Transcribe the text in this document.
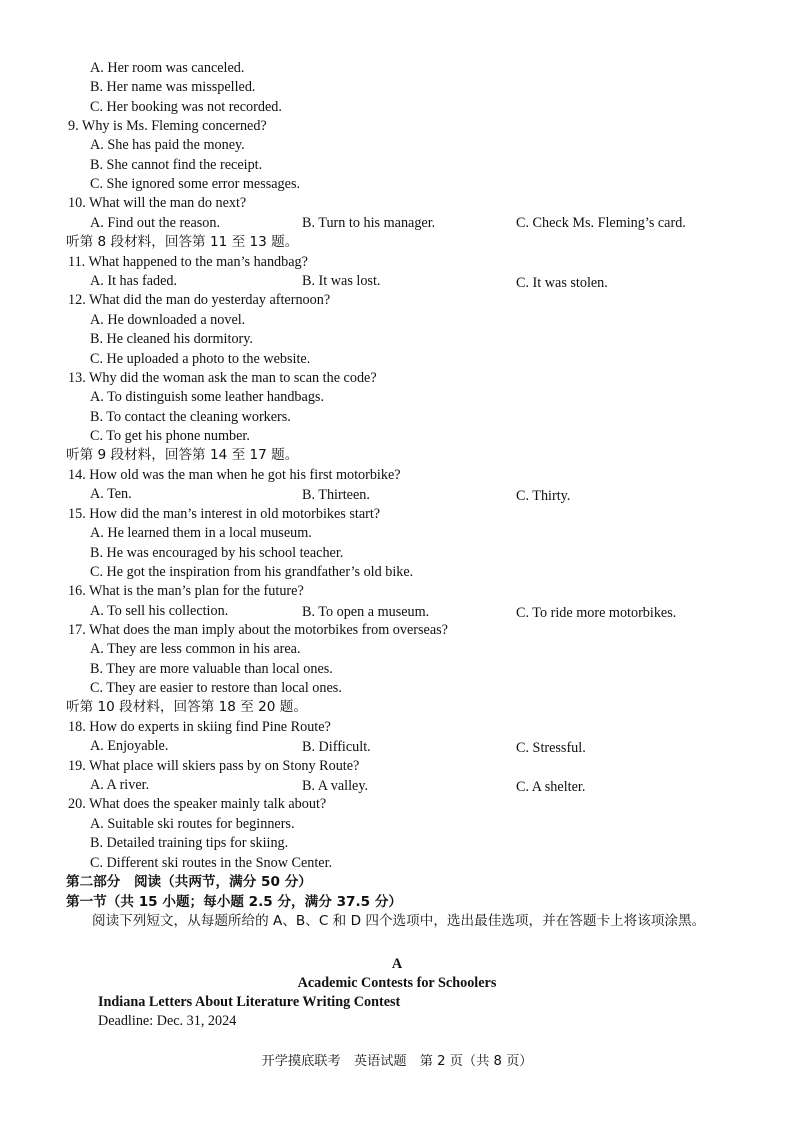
A. Her room was canceled.
B. Her name was misspelled.
C. Her booking was not recorded.
9. Why is Ms. Fleming concerned?
A. She has paid the money.
B. She cannot find the receipt.
C. She ignored some error messages.
10. What will the man do next?
A. Find out the reason.	B. Turn to his manager.	C. Check Ms. Fleming’s card.
听第 8 段材料，回答第 11 至 13 题。
11. What happened to the man’s handbag?
A. It has faded.	B. It was lost.	C. It was stolen.
12. What did the man do yesterday afternoon?
A. He downloaded a novel.
B. He cleaned his dormitory.
C. He uploaded a photo to the website.
13. Why did the woman ask the man to scan the code?
A. To distinguish some leather handbags.
B. To contact the cleaning workers.
C. To get his phone number.
听第 9 段材料，回答第 14 至 17 题。
14. How old was the man when he got his first motorbike?
A. Ten.	B. Thirteen.	C. Thirty.
15. How did the man’s interest in old motorbikes start?
A. He learned them in a local museum.
B. He was encouraged by his school teacher.
C. He got the inspiration from his grandfather’s old bike.
16. What is the man’s plan for the future?
A. To sell his collection.	B. To open a museum.	C. To ride more motorbikes.
17. What does the man imply about the motorbikes from overseas?
A. They are less common in his area.
B. They are more valuable than local ones.
C. They are easier to restore than local ones.
听第 10 段材料，回答第 18 至 20 题。
18. How do experts in skiing find Pine Route?
A. Enjoyable.	B. Difficult.	C. Stressful.
19. What place will skiers pass by on Stony Route?
A. A river.	B. A valley.	C. A shelter.
20. What does the speaker mainly talk about?
A. Suitable ski routes for beginners.
B. Detailed training tips for skiing.
C. Different ski routes in the Snow Center.
第二部分　阅读（共两节，满分 50 分）
第一节（共 15 小题；每小题 2.5 分，满分 37.5 分）
阅读下列短文，从每题所给的 A、B、C 和 D 四个选项中，选出最佳选项，并在答题卡上将该项涂黑。
A
Academic Contests for Schoolers
Indiana Letters About Literature Writing Contest
Deadline: Dec. 31, 2024
开学摸底联考　英语试题　第 2 页（共 8 页）
